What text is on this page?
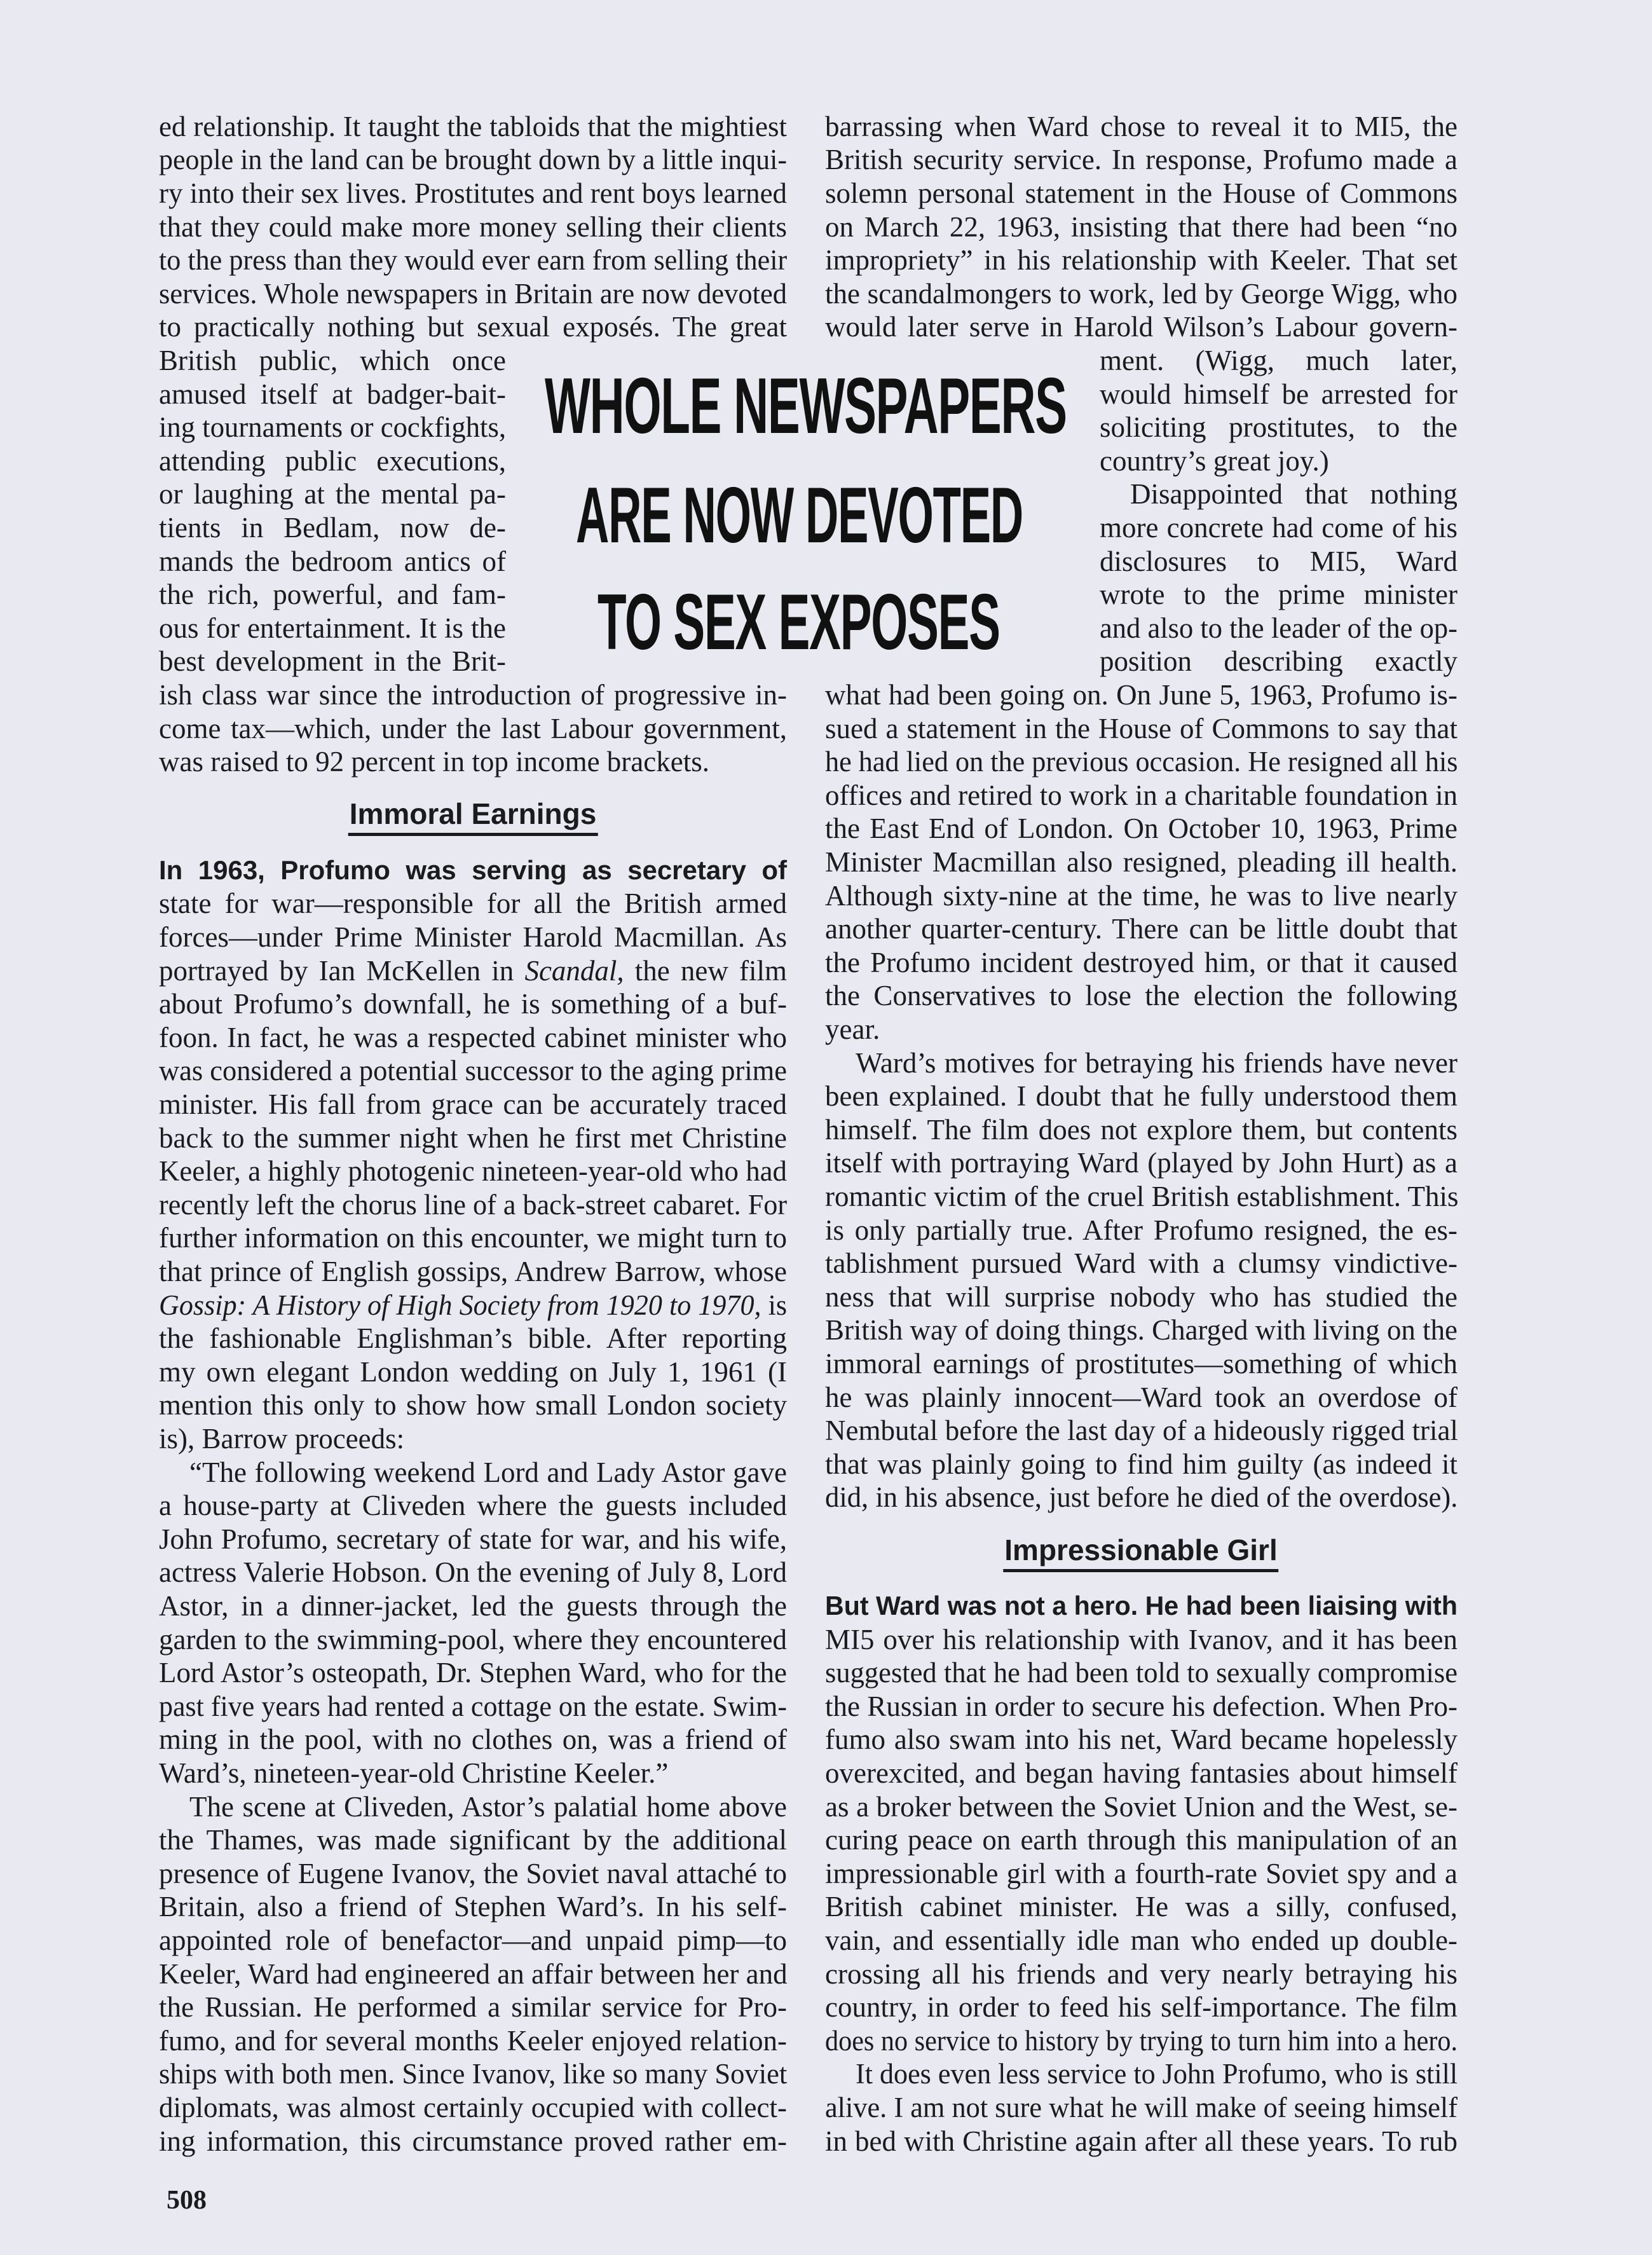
ed relationship. It taught the tabloids that the mightiest
people in the land can be brought down by a little inqui-
ry into their sex lives. Prostitutes and rent boys learned
that they could make more money selling their clients
to the press than they would ever earn from selling their
services. Whole newspapers in Britain are now devoted
to practically nothing but sexual exposés. The great
British public, which once
amused itself at badger-bait-
ing tournaments or cockfights,
attending public executions,
or laughing at the mental pa-
tients in Bedlam, now de-
mands the bedroom antics of
the rich, powerful, and fam-
ous for entertainment. It is the
best development in the Brit-
ish class war since the introduction of progressive in-
come tax—which, under the last Labour government,
was raised to 92 percent in top income brackets.
In 1963, Profumo was serving as secretary of
state for war—responsible for all the British armed
forces—under Prime Minister Harold Macmillan. As
portrayed by Ian McKellen in Scandal, the new film
about Profumo’s downfall, he is something of a buf-
foon. In fact, he was a respected cabinet minister who
was considered a potential successor to the aging prime
minister. His fall from grace can be accurately traced
back to the summer night when he first met Christine
Keeler, a highly photogenic nineteen-year-old who had
recently left the chorus line of a back-street cabaret. For
further information on this encounter, we might turn to
that prince of English gossips, Andrew Barrow, whose
Gossip: A History of High Society from 1920 to 1970, is
the fashionable Englishman’s bible. After reporting
my own elegant London wedding on July 1, 1961 (I
mention this only to show how small London society
is), Barrow proceeds:
“The following weekend Lord and Lady Astor gave
a house-party at Cliveden where the guests included
John Profumo, secretary of state for war, and his wife,
actress Valerie Hobson. On the evening of July 8, Lord
Astor, in a dinner-jacket, led the guests through the
garden to the swimming-pool, where they encountered
Lord Astor’s osteopath, Dr. Stephen Ward, who for the
past five years had rented a cottage on the estate. Swim-
ming in the pool, with no clothes on, was a friend of
Ward’s, nineteen-year-old Christine Keeler.”
The scene at Cliveden, Astor’s palatial home above
the Thames, was made significant by the additional
presence of Eugene Ivanov, the Soviet naval attaché to
Britain, also a friend of Stephen Ward’s. In his self-
appointed role of benefactor—and unpaid pimp—to
Keeler, Ward had engineered an affair between her and
the Russian. He performed a similar service for Pro-
fumo, and for several months Keeler enjoyed relation-
ships with both men. Since Ivanov, like so many Soviet
diplomats, was almost certainly occupied with collect-
ing information, this circumstance proved rather em-
barrassing when Ward chose to reveal it to MI5, the
British security service. In response, Profumo made a
solemn personal statement in the House of Commons
on March 22, 1963, insisting that there had been “no
impropriety” in his relationship with Keeler. That set
the scandalmongers to work, led by George Wigg, who
would later serve in Harold Wilson’s Labour govern-
ment. (Wigg, much later,
would himself be arrested for
soliciting prostitutes, to the
country’s great joy.)
Disappointed that nothing
more concrete had come of his
disclosures to MI5, Ward
wrote to the prime minister
and also to the leader of the op-
position describing exactly
what had been going on. On June 5, 1963, Profumo is-
sued a statement in the House of Commons to say that
he had lied on the previous occasion. He resigned all his
offices and retired to work in a charitable foundation in
the East End of London. On October 10, 1963, Prime
Minister Macmillan also resigned, pleading ill health.
Although sixty-nine at the time, he was to live nearly
another quarter-century. There can be little doubt that
the Profumo incident destroyed him, or that it caused
the Conservatives to lose the election the following
year.
Ward’s motives for betraying his friends have never
been explained. I doubt that he fully understood them
himself. The film does not explore them, but contents
itself with portraying Ward (played by John Hurt) as a
romantic victim of the cruel British establishment. This
is only partially true. After Profumo resigned, the es-
tablishment pursued Ward with a clumsy vindictive-
ness that will surprise nobody who has studied the
British way of doing things. Charged with living on the
immoral earnings of prostitutes—something of which
he was plainly innocent—Ward took an overdose of
Nembutal before the last day of a hideously rigged trial
that was plainly going to find him guilty (as indeed it
did, in his absence, just before he died of the overdose).
But Ward was not a hero. He had been liaising with
MI5 over his relationship with Ivanov, and it has been
suggested that he had been told to sexually compromise
the Russian in order to secure his defection. When Pro-
fumo also swam into his net, Ward became hopelessly
overexcited, and began having fantasies about himself
as a broker between the Soviet Union and the West, se-
curing peace on earth through this manipulation of an
impressionable girl with a fourth-rate Soviet spy and a
British cabinet minister. He was a silly, confused,
vain, and essentially idle man who ended up double-
crossing all his friends and very nearly betraying his
country, in order to feed his self-importance. The film
does no service to history by trying to turn him into a hero.
It does even less service to John Profumo, who is still
alive. I am not sure what he will make of seeing himself
in bed with Christine again after all these years. To rub
WHOLE NEWSPAPERS
ARE NOW DEVOTED
TO SEX EXPOSES
Immoral Earnings
Impressionable Girl
508
